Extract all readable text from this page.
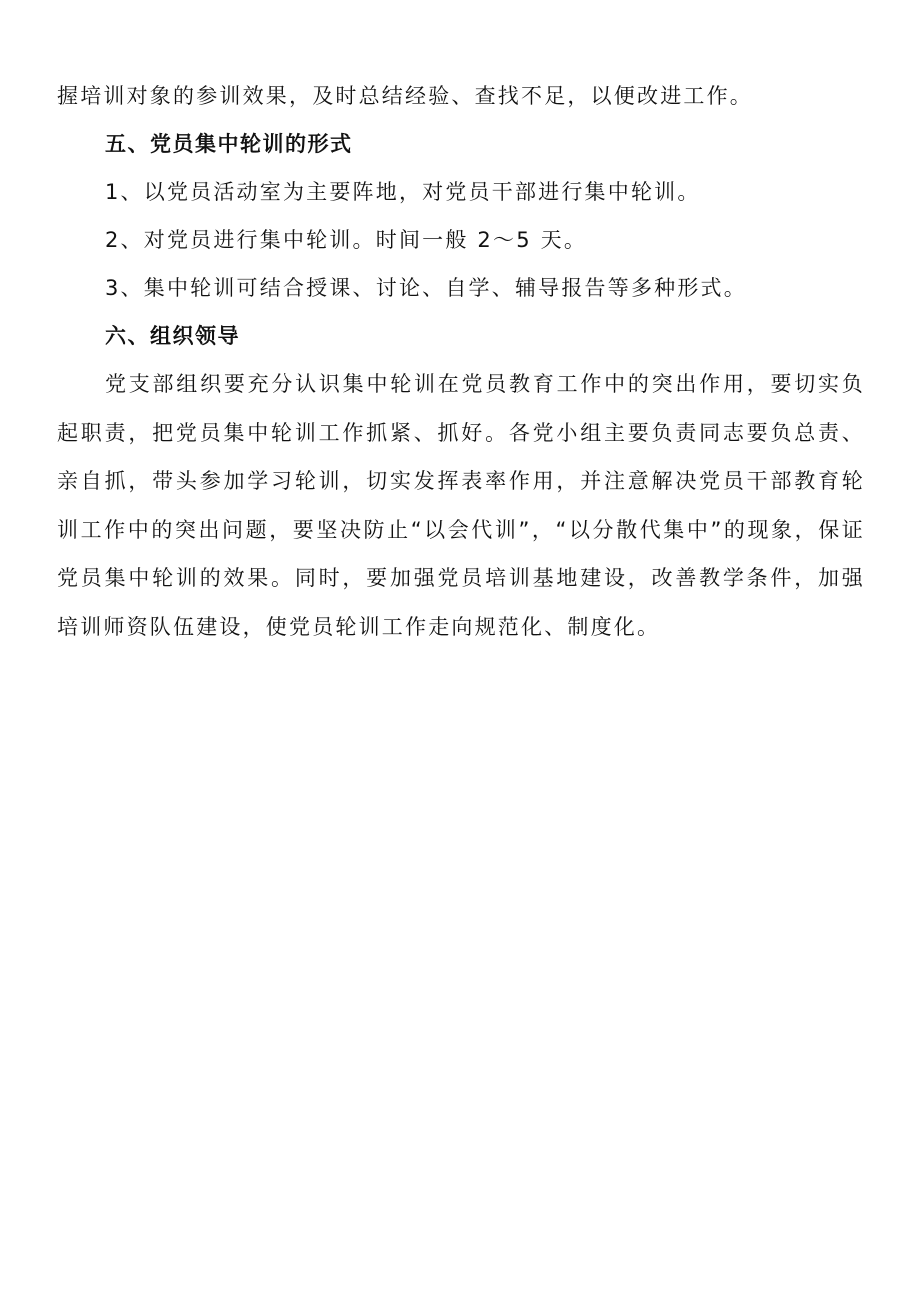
握培训对象的参训效果，及时总结经验、查找不足，以便改进工作。
五、党员集中轮训的形式
1、以党员活动室为主要阵地，对党员干部进行集中轮训。
2、对党员进行集中轮训。时间一般 2～5 天。
3、集中轮训可结合授课、讨论、自学、辅导报告等多种形式。
六、组织领导
党支部组织要充分认识集中轮训在党员教育工作中的突出作用，要切实负起职责，把党员集中轮训工作抓紧、抓好。各党小组主要负责同志要负总责、亲自抓，带头参加学习轮训，切实发挥表率作用，并注意解决党员干部教育轮训工作中的突出问题，要坚决防止“以会代训”，“以分散代集中”的现象，保证党员集中轮训的效果。同时，要加强党员培训基地建设，改善教学条件，加强培训师资队伍建设，使党员轮训工作走向规范化、制度化。
